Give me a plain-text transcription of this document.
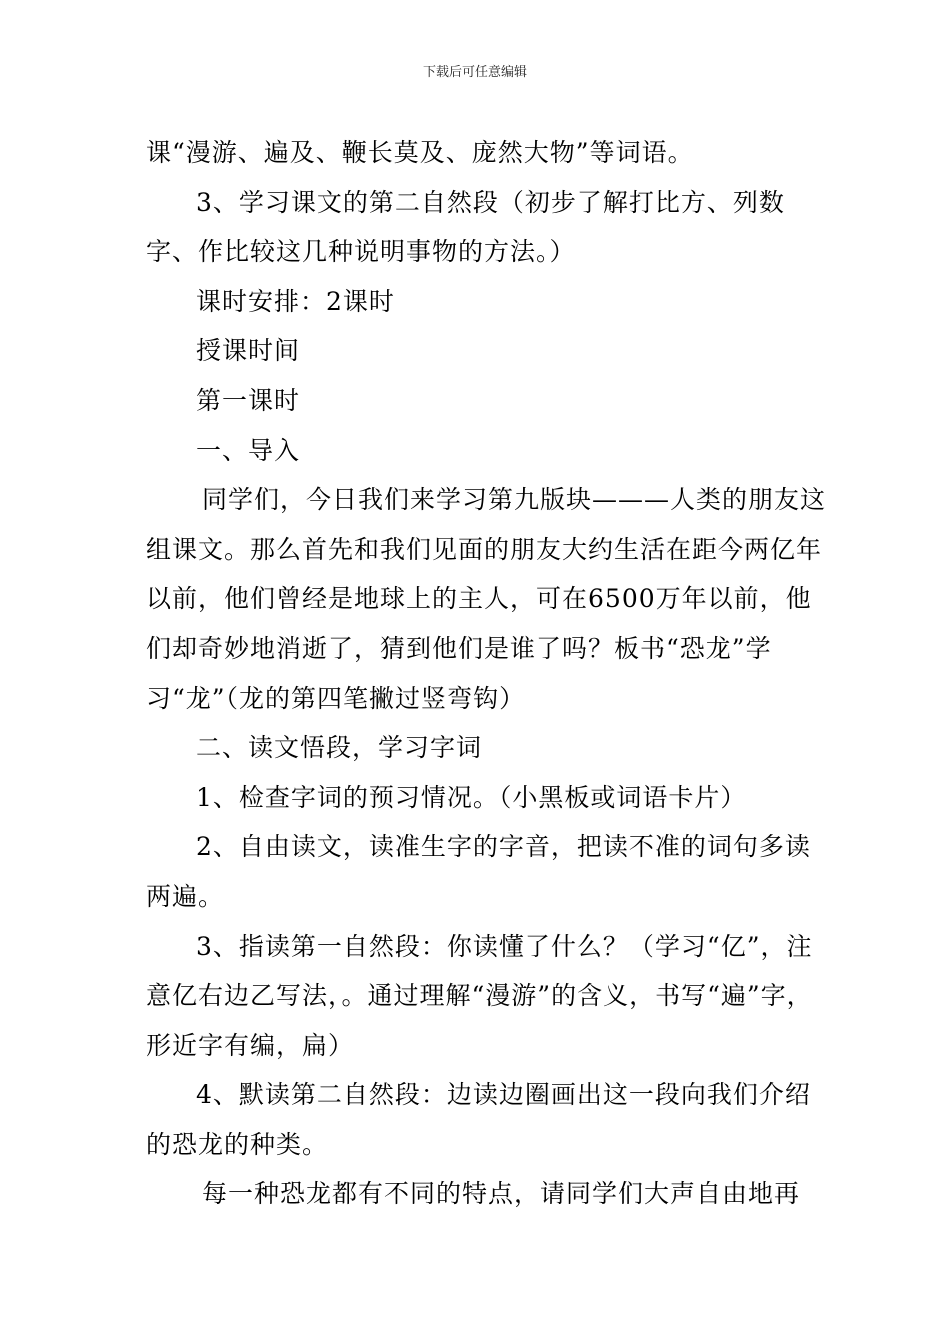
下载后可任意编辑

课“漫游、遍及、鞭长莫及、庞然大物”等词语。

3、学习课文的第二自然段（初步了解打比方、列数字、作比较这几种说明事物的方法。）

课时安排：2课时

授课时间

第一课时

一、导入

同学们，今日我们来学习第九版块———人类的朋友这组课文。那么首先和我们见面的朋友大约生活在距今两亿年以前，他们曾经是地球上的主人，可在6500万年以前，他们却奇妙地消逝了，猜到他们是谁了吗？板书“恐龙”学习“龙”（龙的第四笔撇过竖弯钩）

二、读文悟段，学习字词

1、检查字词的预习情况。（小黑板或词语卡片）

2、自由读文，读准生字的字音，把读不准的词句多读两遍。

3、指读第一自然段：你读懂了什么？（学习“亿”，注意亿右边乙写法，。通过理解“漫游”的含义，书写“遍”字，形近字有编，扁）

4、默读第二自然段：边读边圈画出这一段向我们介绍的恐龙的种类。

每一种恐龙都有不同的特点，请同学们大声自由地再
